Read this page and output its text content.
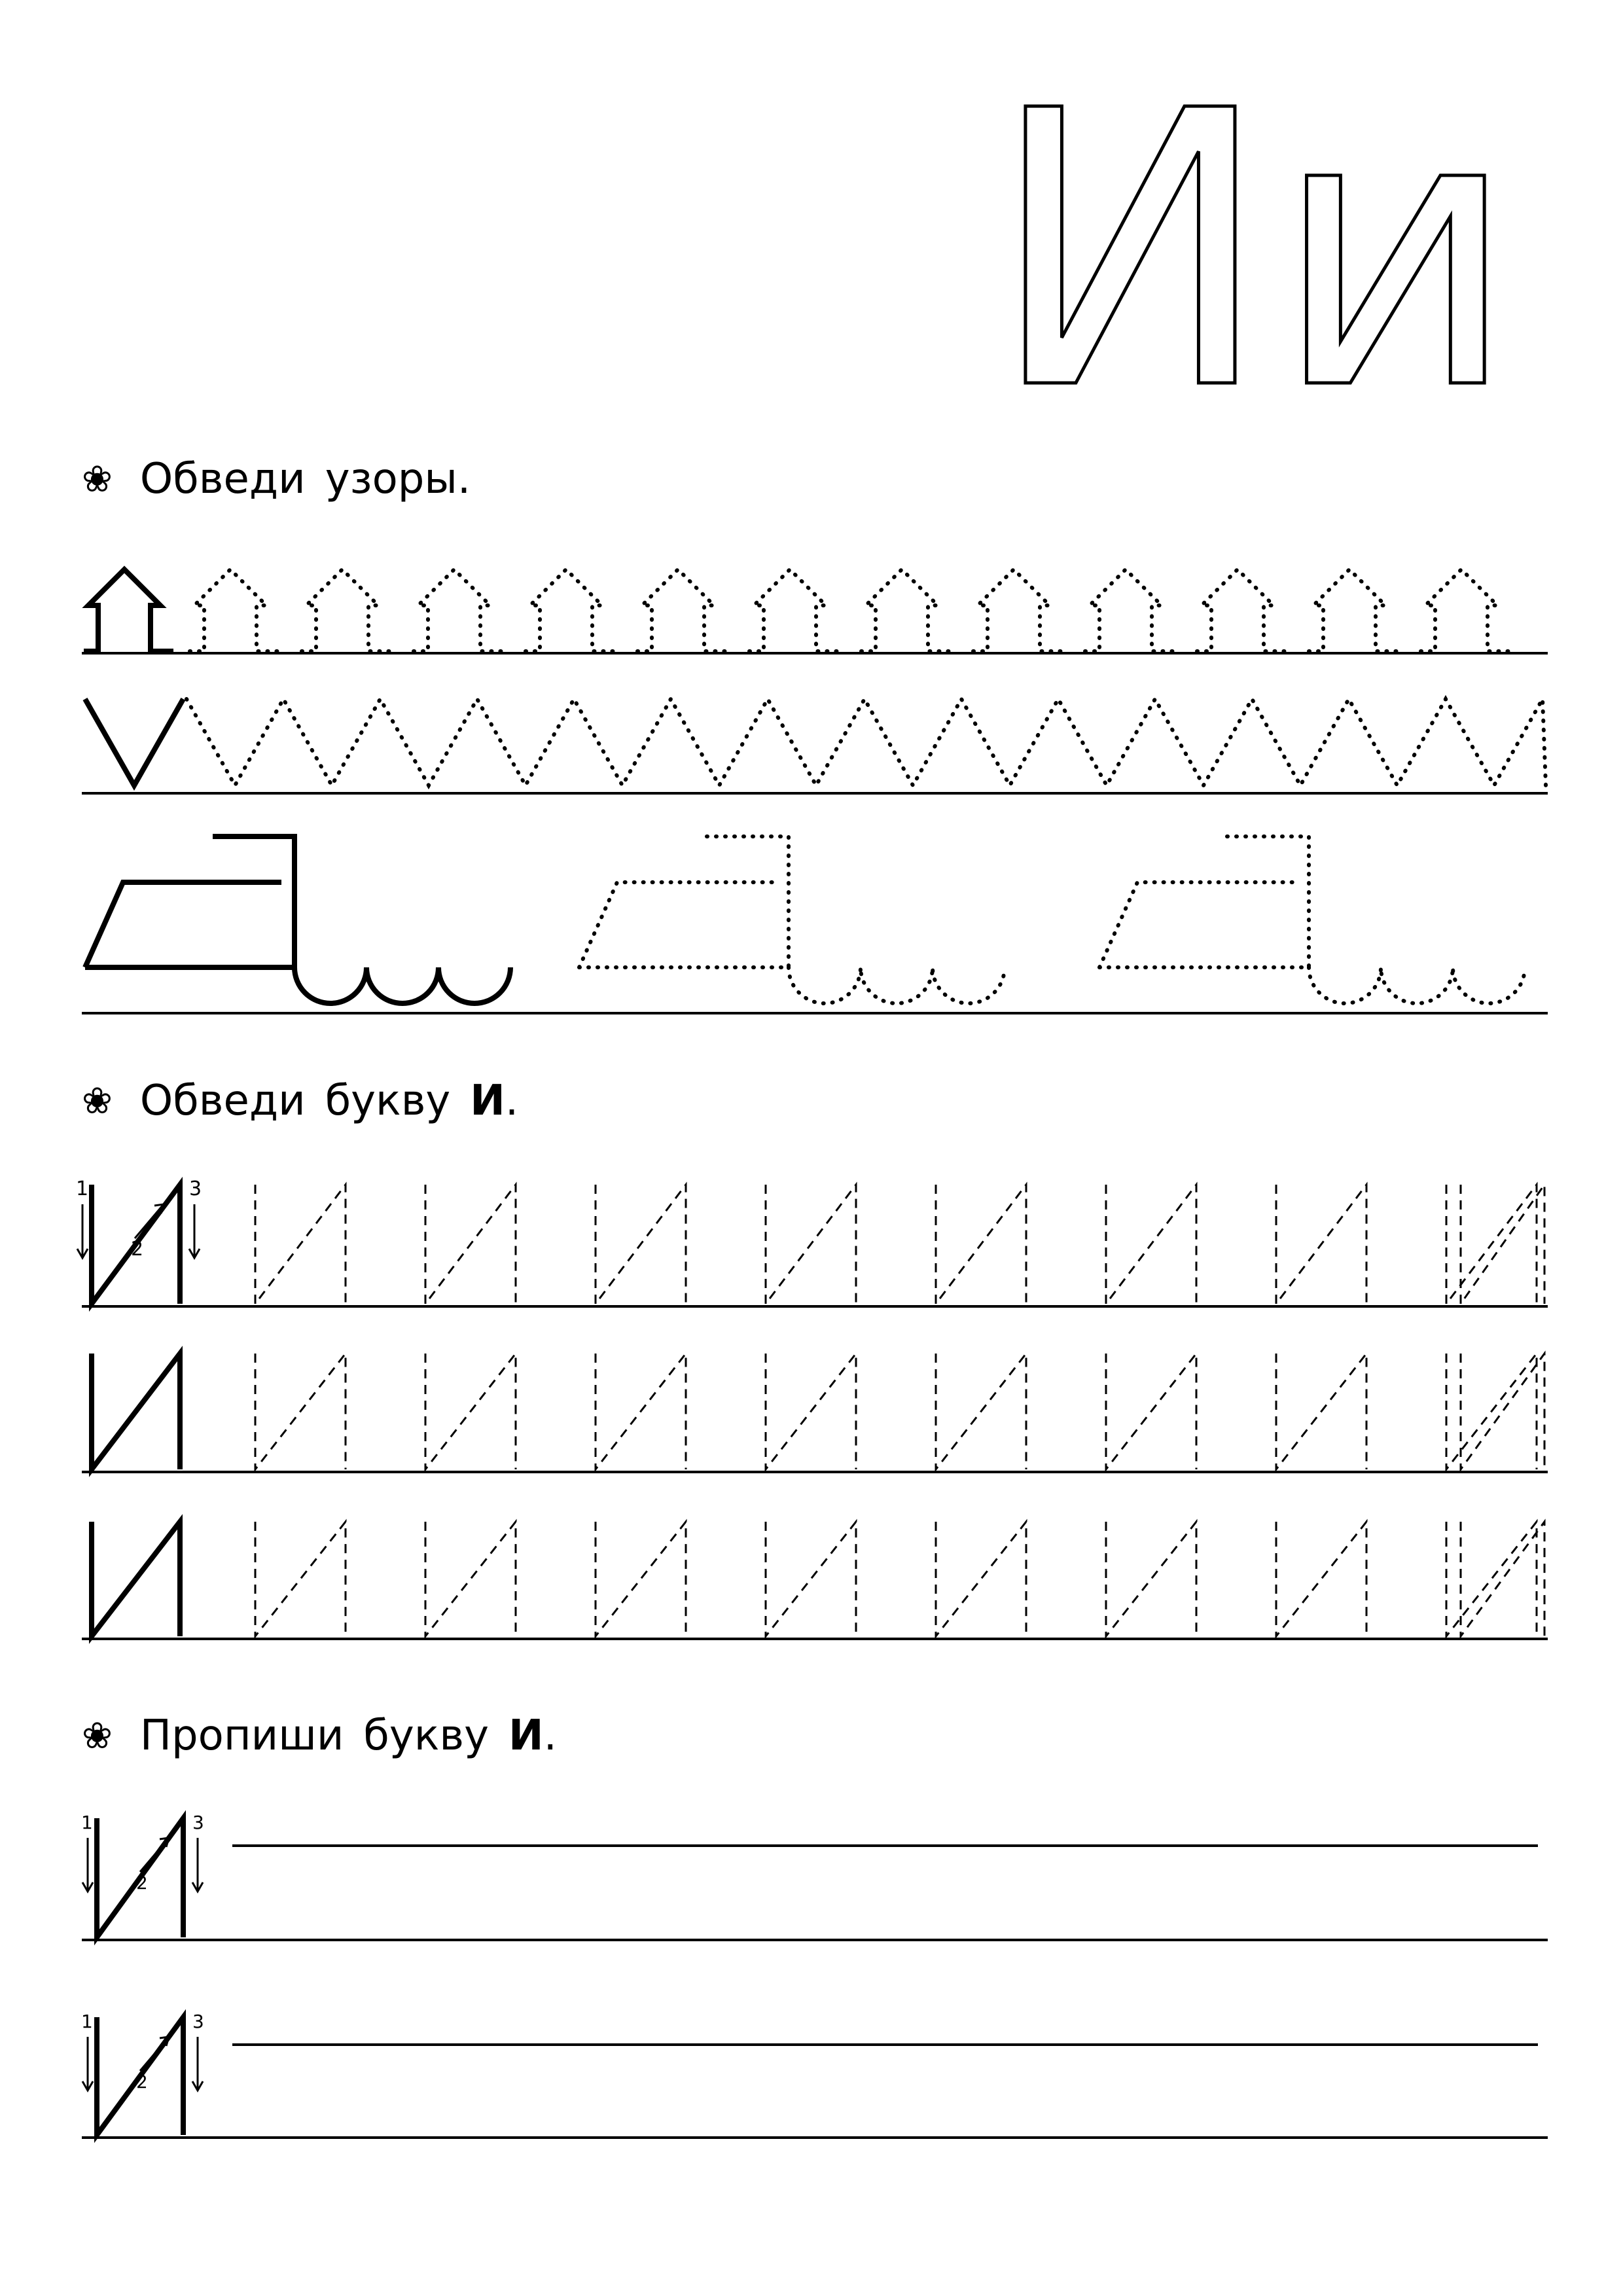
Ии
1
2
3
1
2
3
1
2
3
❀ Обведи узоры.
❀ Обведи букву И .
❀ Пропиши букву И .
